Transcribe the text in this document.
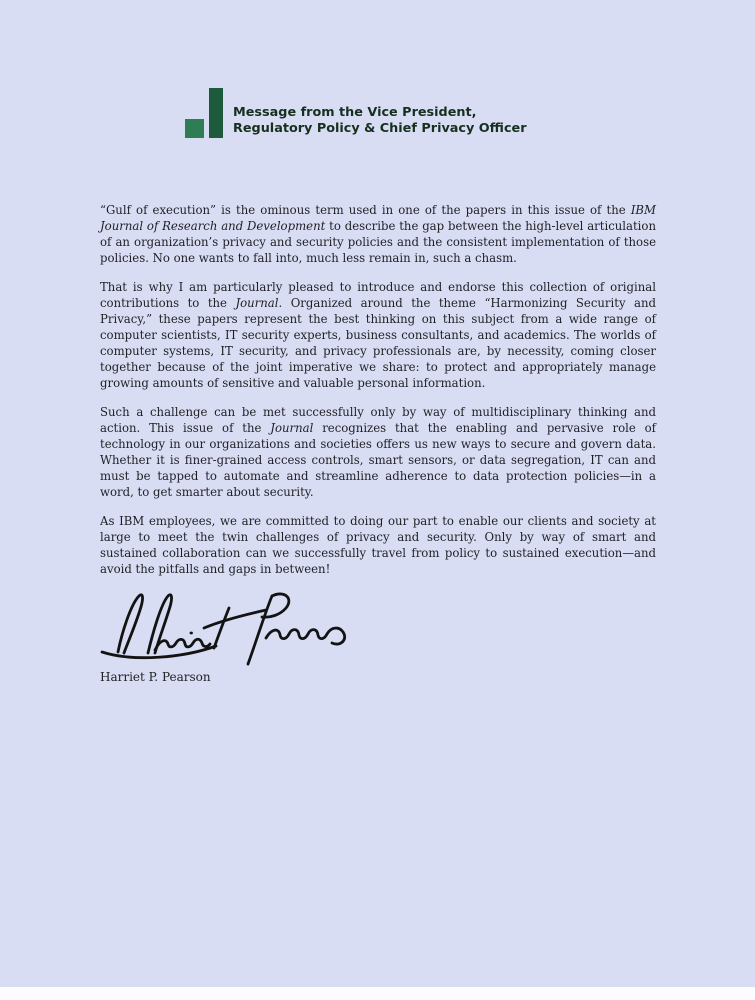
Message from the Vice President,
Regulatory Policy & Chief Privacy Officer

“Gulf of execution” is the ominous term used in one of the papers in this issue of the IBM Journal of Research and Development to describe the gap between the high-level articulation of an organization’s privacy and security policies and the consistent implementation of those policies. No one wants to fall into, much less remain in, such a chasm.

That is why I am particularly pleased to introduce and endorse this collection of original contributions to the Journal. Organized around the theme “Harmonizing Security and Privacy,” these papers represent the best thinking on this subject from a wide range of computer scientists, IT security experts, business consultants, and academics. The worlds of computer systems, IT security, and privacy professionals are, by necessity, coming closer together because of the joint imperative we share: to protect and appropriately manage growing amounts of sensitive and valuable personal information.

Such a challenge can be met successfully only by way of multidisciplinary thinking and action. This issue of the Journal recognizes that the enabling and pervasive role of technology in our organizations and societies offers us new ways to secure and govern data. Whether it is finer-grained access controls, smart sensors, or data segregation, IT can and must be tapped to automate and streamline adherence to data protection policies—in a word, to get smarter about security.

As IBM employees, we are committed to doing our part to enable our clients and society at large to meet the twin challenges of privacy and security. Only by way of smart and sustained collaboration can we successfully travel from policy to sustained execution—and avoid the pitfalls and gaps in between!

Harriet P. Pearson
